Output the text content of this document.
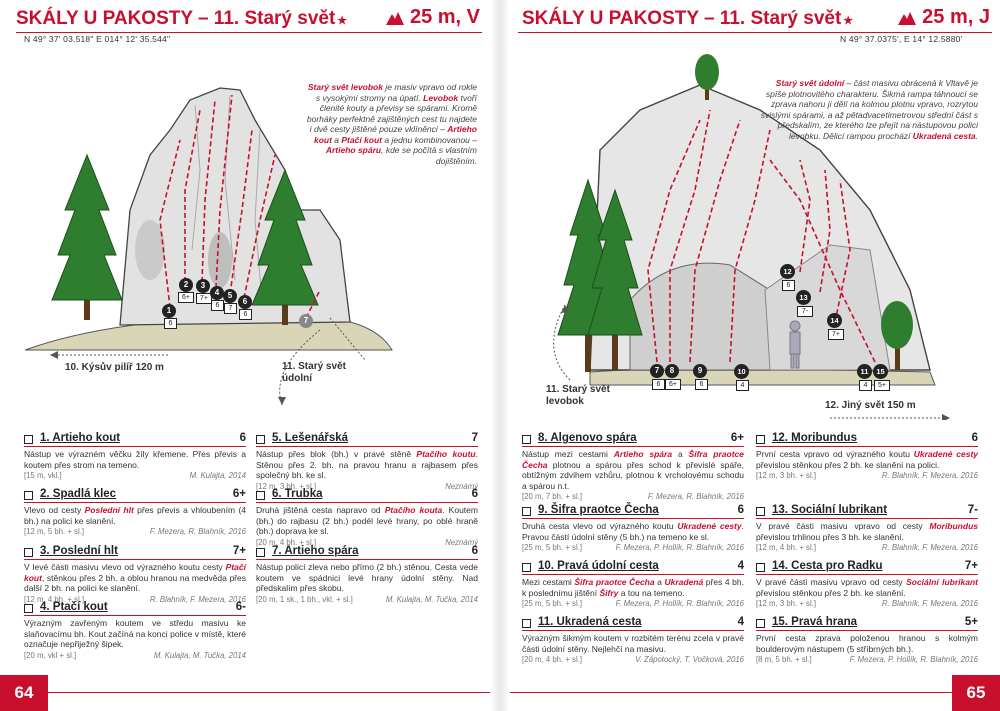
SKÁLY U PAKOSTY – 11. Starý svět ★	25 m, V
N 49° 37' 03.518" E 014° 12' 35.544"
1
6
2
6+
3
7+
4
6
5
7
6
6
7
Starý svět levobok je masiv vpravo od rokle s vysokými stromy na úpatí. Levobok tvoří členité kouty a převisy se spárami. Kromě borháky perfektně zajištěných cest tu najdete i dvě cesty jištěné pouze vklíněnci – Artieho kout a Ptačí kout a jednu kombinovanou – Artieho spáru, kde se počítá s vlastním dojištěním.
10. Kýsův pilíř 120 m	11. Starý svět údolní
1. Artieho kout	6
Nástup ve výrazném věčku žíly křemene. Přes převis a koutem přes strom na temeno.
[15 m, vkl.]	M. Kulajta, 2014
2. Spadlá klec	6+
Vlevo od cesty Poslední hlt přes převis a vhloubením (4 bh.) na polici ke slanění.
[12 m, 5 bh. + sl.]	F. Mezera, R. Blahník, 2016
3. Poslední hlt	7+
V levé části masivu vlevo od výrazného koutu cesty Ptačí kout, stěnkou přes 2 bh. a oblou hranou na medvěda přes další 2 bh. na polici ke slanění.
[12 m, 4 bh. + sl.]	R. Blahník, F. Mezera, 2016
4. Ptačí kout	6-
Výrazným zavřeným koutem ve středu masivu ke slaňovacímu bh. Kout začíná na konci police v místě, které označuje nepřiježný šipek.
[20 m, vkl + sl.]	M. Kulajta, M. Tučka, 2014
5. Lešenářská	7
Nástup přes blok (bh.) v pravé stěně Ptačího koutu. Stěnou přes 2. bh. na pravou hranu a rajbasem přes společný bh. ke sl.
[12 m, 3 bh. + sl.]	Neznámý
6. Trubka	6
Druhá jištěná cesta napravo od Ptačího kouta. Koutem (bh.) do rajbasu (2 bh.) podél levé hrany, po oblé hraně (bh.) doprava ke sl.
[20 m, 4 bh. + sl.]	Neznámý
7. Artieho spára	6
Nástup policí zleva nebo přímo (2 bh.) stěnou. Cesta vede koutem ve spádnici levé hrany údolní stěny. Nad předskalím přes skobu.
[20 m, 1 sk., 1 bh., vkl. + sl.]	M. Kulajta, M. Tučka, 2014
64
SKÁLY U PAKOSTY – 11. Starý svět ★	25 m, J
N 49° 37.0375', E 14° 12.5880'
7
6
8
6+
9
6
10
4
11
4
12
6
13
7-
14
7+
15
5+
Starý svět údolní – část masivu obrácená k Vltavě je spíše plotnovitého charakteru. Šikmá rampa táhnoucí se zprava nahoru ji dělí na kolmou plotnu vpravo, rozrytou svislými spárami, a až pětadvacetimetrovou střední část s předskalím, ze kterého lze přejít na nástupovou polici levobku. Dělicí rampou prochází Ukradená cesta.
11. Starý svět levobok	12. Jiný svět 150 m
8. Algenovo spára	6+
Nástup mezi cestami Artieho spára a Šifra praotce Čecha plotnou a spárou přes schod k převislé spáře, obtížným zdvihem vzhůru, plotnou k vrcholovému schodu a spárou n.t.
[20 m, 7 bh. + sl.]	F. Mezera, R. Blahník, 2016
9. Šifra praotce Čecha	6
Druhá cesta vlevo od výrazného koutu Ukradené cesty. Pravou částí údolní stěny (5 bh.) na temeno ke sl.
[25 m, 5 bh. + sl.]	F. Mezera, P. Hollík, R. Blahník, 2016
10. Pravá údolní cesta	4
Mezi cestami Šifra praotce Čecha a Ukradená přes 4 bh. k poslednímu jištění Šifry a tou na temeno.
[25 m, 5 bh. + sl.]	F. Mezera, P. Hollík, R. Blahník, 2016
11. Ukradená cesta	4
Výrazným šikmým koutem v rozbitém terénu zcela v pravé části údolní stěny. Nejlehčí na masivu.
[20 m, 4 bh. + sl.]	V. Zápotocký, T. Vočková, 2016
12. Moribundus	6
První cesta vpravo od výrazného koutu Ukradené cesty převislou stěnkou přes 2 bh. ke slanění na polici.
[12 m, 3 bh. + sl.]	R. Blahník, F. Mezera, 2016
13. Sociální lubrikant	7-
V pravé části masivu vpravo od cesty Moribundus převislou trhlinou přes 3 bh. ke slanění.
[12 m, 4 bh. + sl.]	R. Blahník, F. Mezera, 2016
14. Cesta pro Radku	7+
V pravé části masivu vpravo od cesty Sociální lubrikant převislou stěnkou přes 2 bh. ke slanění.
[12 m, 3 bh. + sl.]	R. Blahník, F. Mezera, 2016
15. Pravá hrana	5+
První cesta zprava položenou hranou s kolmým boulderovým nástupem (5 stříbrných bh.).
[8 m, 5 bh. + sl.]	F. Mezera, P. Hollík, R. Blahník, 2016
65
